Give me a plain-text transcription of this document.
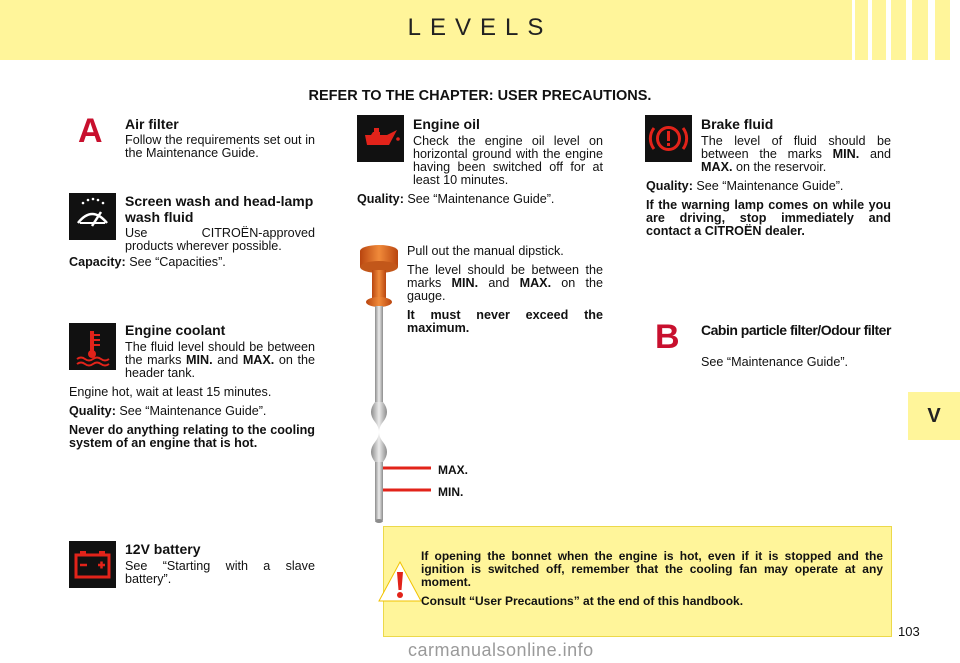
LEVELS
V
REFER TO THE CHAPTER: USER PRECAUTIONS.
A Air filter
Follow the requirements set out in the Maintenance Guide.
Screen wash and head-lamp wash fluid
Use CITROËN-approved products wherever possible.
Capacity: See “Capacities”.
Engine coolant

The fluid level should be between the marks MIN. and MAX. on the header tank.

Engine hot, wait at least 15 minutes.

Quality: See “Maintenance Guide”.

Never do anything relating to the cooling system of an engine that is hot.

12V battery
See “Starting with a slave battery”.
Engine oil

Check the engine oil level on horizontal ground with the engine having been switched off for at least 10 minutes.

Quality: See “Maintenance Guide”.

MAX.
MIN.

Pull out the manual dipstick.

The level should be between the marks MIN. and MAX. on the gauge.

It must never exceed the maximum.

Brake fluid

The level of fluid should be between the marks MIN. and MAX. on the reservoir.

Quality: See “Maintenance Guide”.

If the warning lamp comes on while you are driving, stop immediately and contact a CITROËN dealer.

B Cabin particle filter/Odour filter
See “Maintenance Guide”.

If opening the bonnet when the engine is hot, even if it is stopped and the ignition is switched off, remember that the cooling fan may operate at any moment.

Consult “User Precautions” at the end of this handbook.

103
carmanualsonline.info
